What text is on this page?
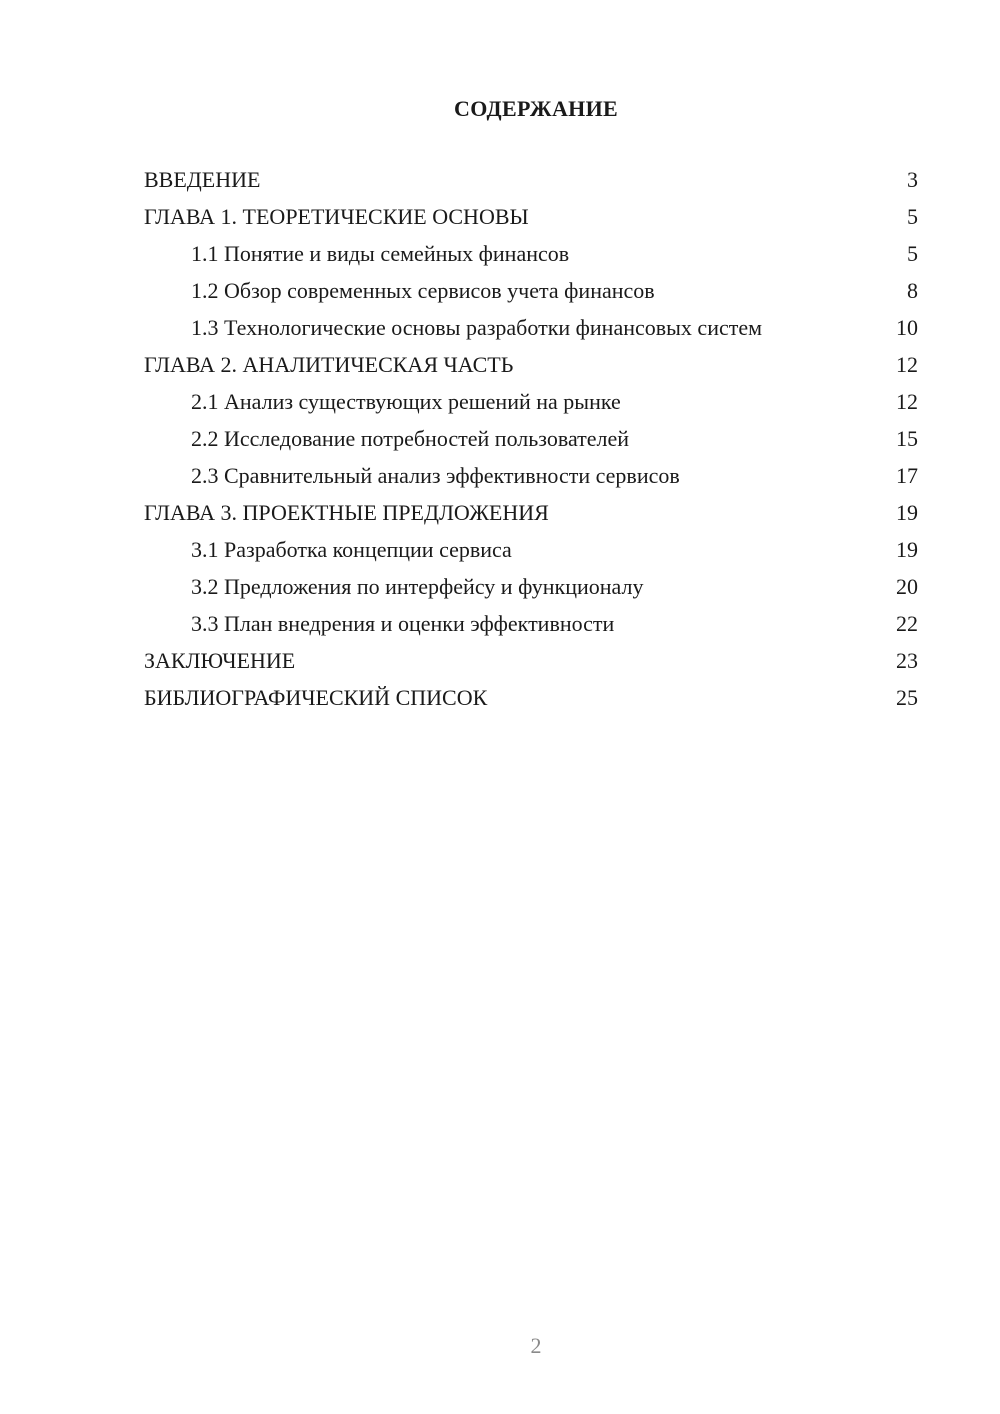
СОДЕРЖАНИЕ
ВВЕДЕНИЕ	3
ГЛАВА 1. ТЕОРЕТИЧЕСКИЕ ОСНОВЫ	5
1.1 Понятие и виды семейных финансов	5
1.2 Обзор современных сервисов учета финансов	8
1.3 Технологические основы разработки финансовых систем	10
ГЛАВА 2. АНАЛИТИЧЕСКАЯ ЧАСТЬ	12
2.1 Анализ существующих решений на рынке	12
2.2 Исследование потребностей пользователей	15
2.3 Сравнительный анализ эффективности сервисов	17
ГЛАВА 3. ПРОЕКТНЫЕ ПРЕДЛОЖЕНИЯ	19
3.1 Разработка концепции сервиса	19
3.2 Предложения по интерфейсу и функционалу	20
3.3 План внедрения и оценки эффективности	22
ЗАКЛЮЧЕНИЕ	23
БИБЛИОГРАФИЧЕСКИЙ СПИСОК	25
2
